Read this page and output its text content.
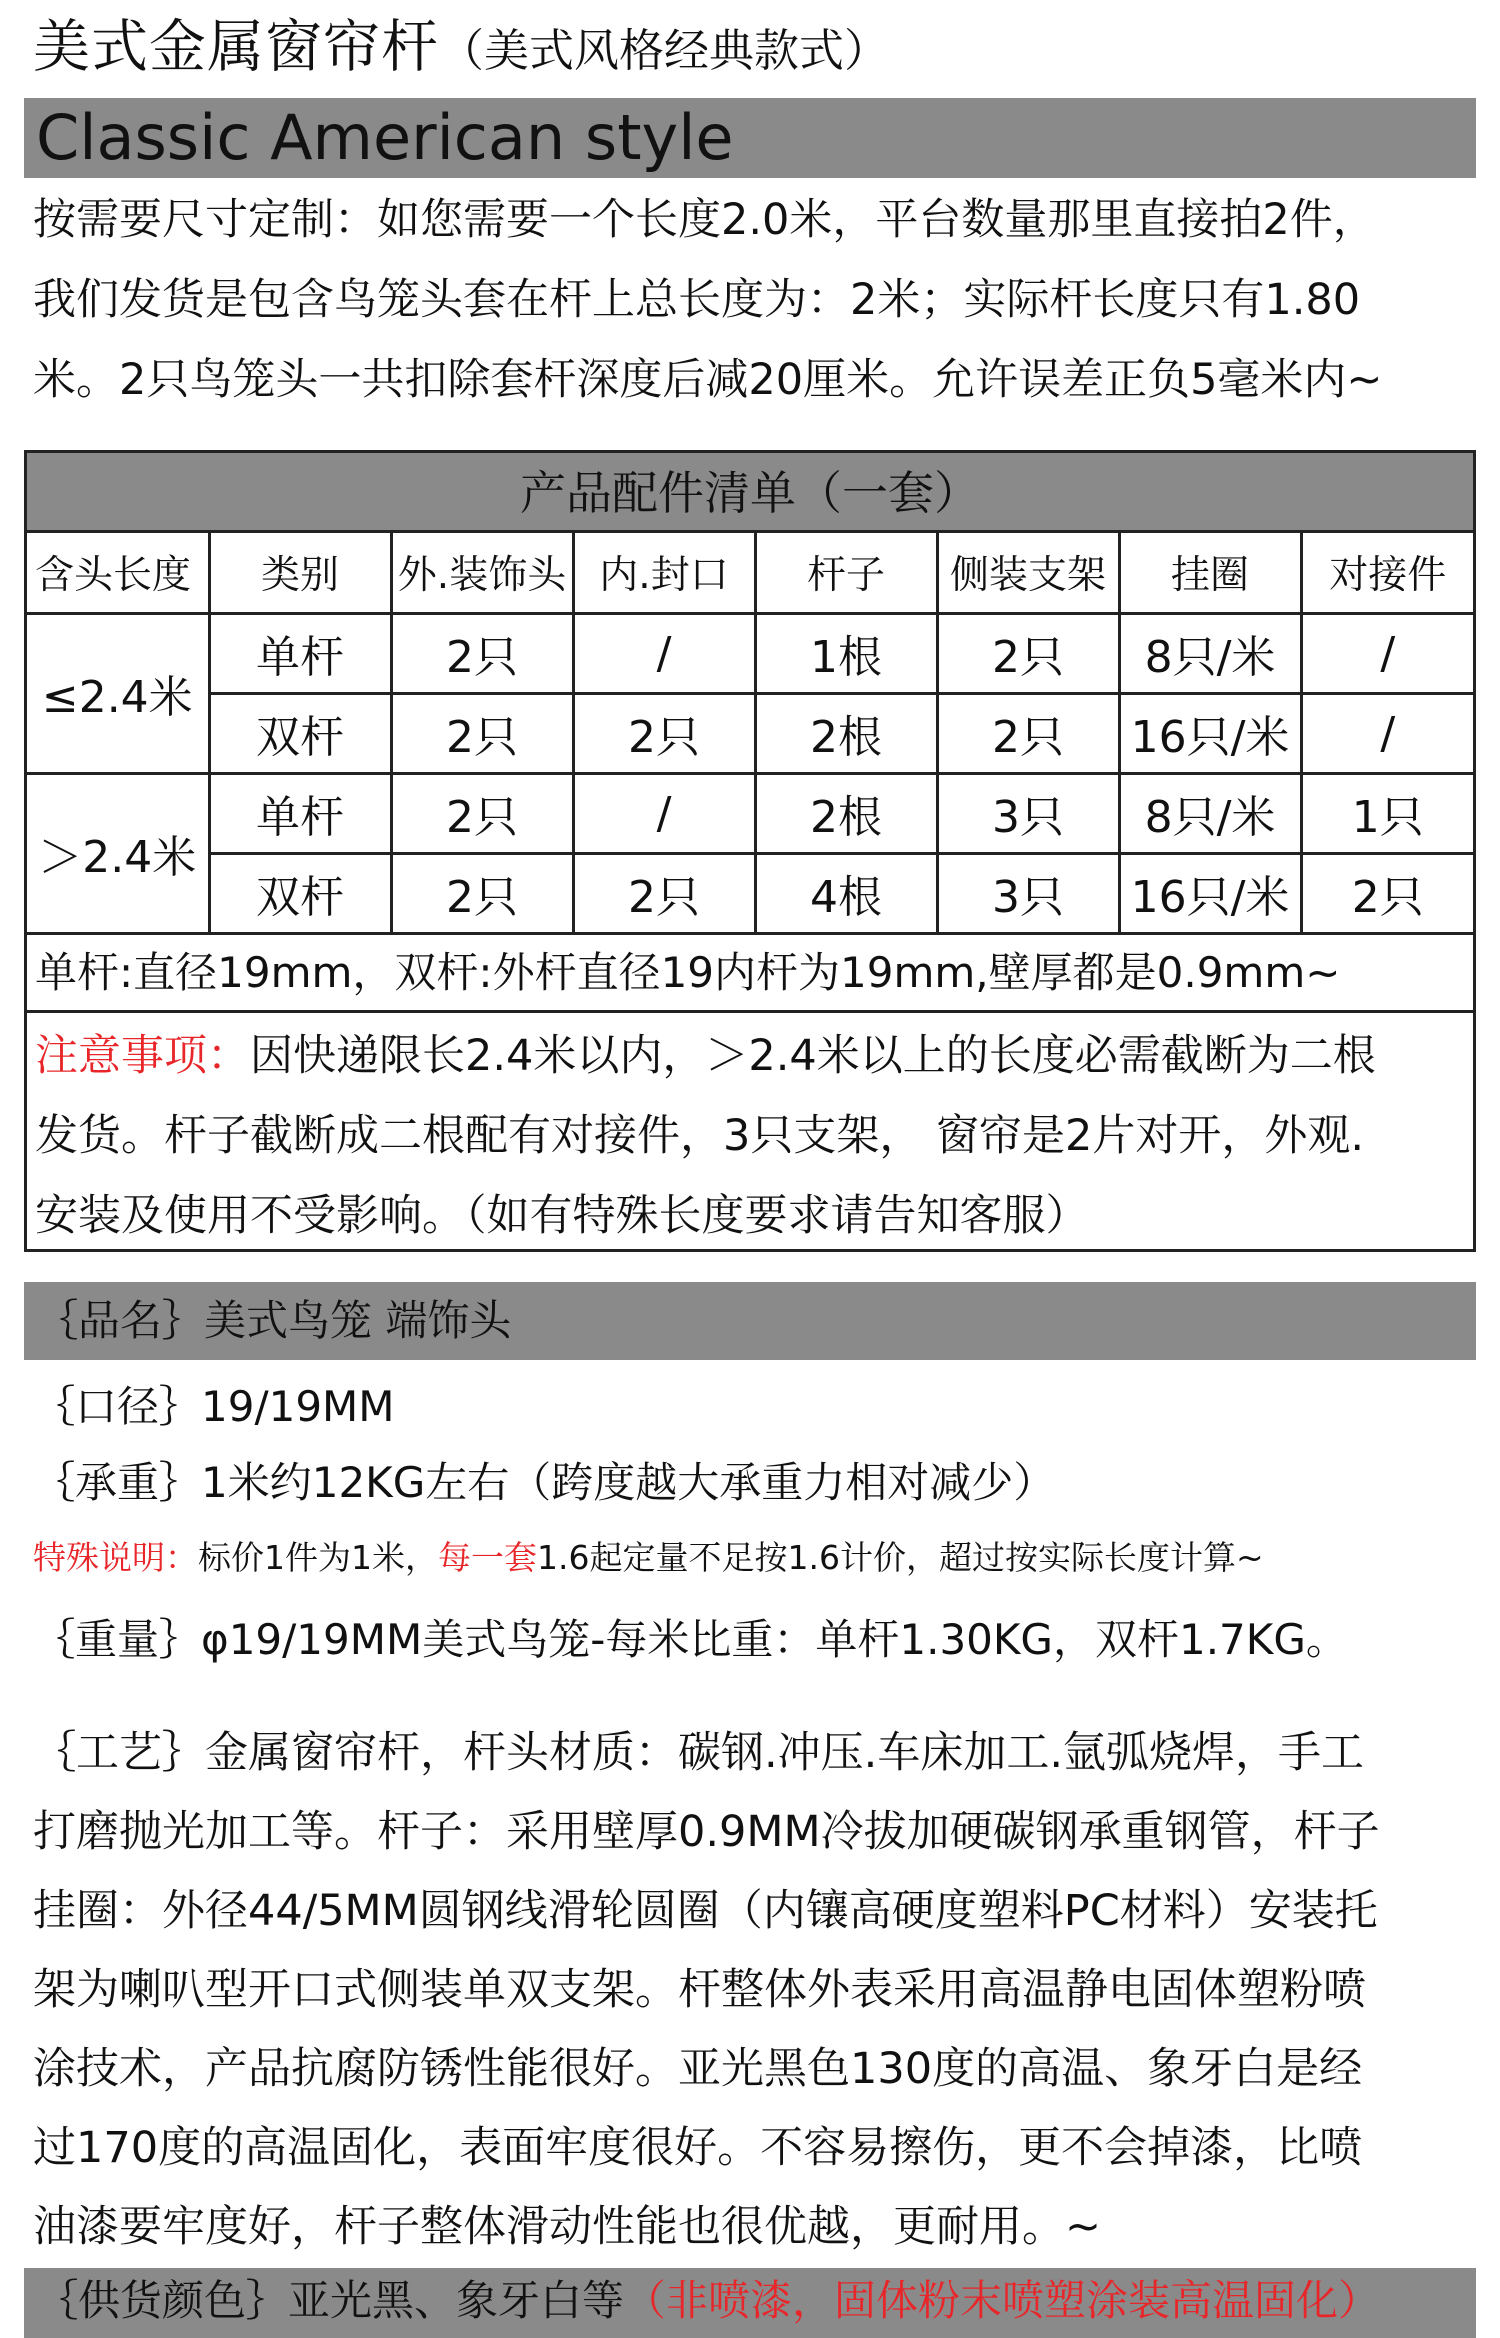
美式金属窗帘杆（美式风格经典款式）
Classic American style
按需要尺寸定制：如您需要一个长度2.0米，平台数量那里直接拍2件，
我们发货是包含鸟笼头套在杆上总长度为：2米；实际杆长度只有1.80
米。2只鸟笼头一共扣除套杆深度后减20厘米。允许误差正负5毫米内~
产品配件清单（一套）
含头长度	类别	外.装饰头	内.封口	杆子	侧装支架	挂圈	对接件
≤2.4米	单杆	2只	/	1根	2只	8只/米	/
	双杆	2只	2只	2根	2只	16只/米	/
＞2.4米	单杆	2只	/	2根	3只	8只/米	1只
	双杆	2只	2只	4根	3只	16只/米	2只
单杆:直径19mm，双杆:外杆直径19内杆为19mm,壁厚都是0.9mm~
注意事项：因快递限长2.4米以内，＞2.4米以上的长度必需截断为二根
发货。杆子截断成二根配有对接件，3只支架， 窗帘是2片对开，外观.
安装及使用不受影响。（如有特殊长度要求请告知客服）
｛品名｝美式鸟笼 端饰头
｛口径｝19/19MM
｛承重｝1米约12KG左右（跨度越大承重力相对减少）
特殊说明：标价1件为1米，每一套1.6起定量不足按1.6计价，超过按实际长度计算~
｛重量｝φ19/19MM美式鸟笼-每米比重：单杆1.30KG，双杆1.7KG。
｛工艺｝金属窗帘杆，杆头材质：碳钢.冲压.车床加工.氩弧烧焊，手工
打磨抛光加工等。杆子：采用壁厚0.9MM冷拔加硬碳钢承重钢管，杆子
挂圈：外径44/5MM圆钢线滑轮圆圈（内镶高硬度塑料PC材料）安装托
架为喇叭型开口式侧装单双支架。杆整体外表采用高温静电固体塑粉喷
涂技术，产品抗腐防锈性能很好。亚光黑色130度的高温、象牙白是经
过170度的高温固化，表面牢度很好。不容易擦伤，更不会掉漆，比喷
油漆要牢度好，杆子整体滑动性能也很优越，更耐用。~
｛供货颜色｝亚光黑、象牙白等（非喷漆，固体粉末喷塑涂装高温固化）
